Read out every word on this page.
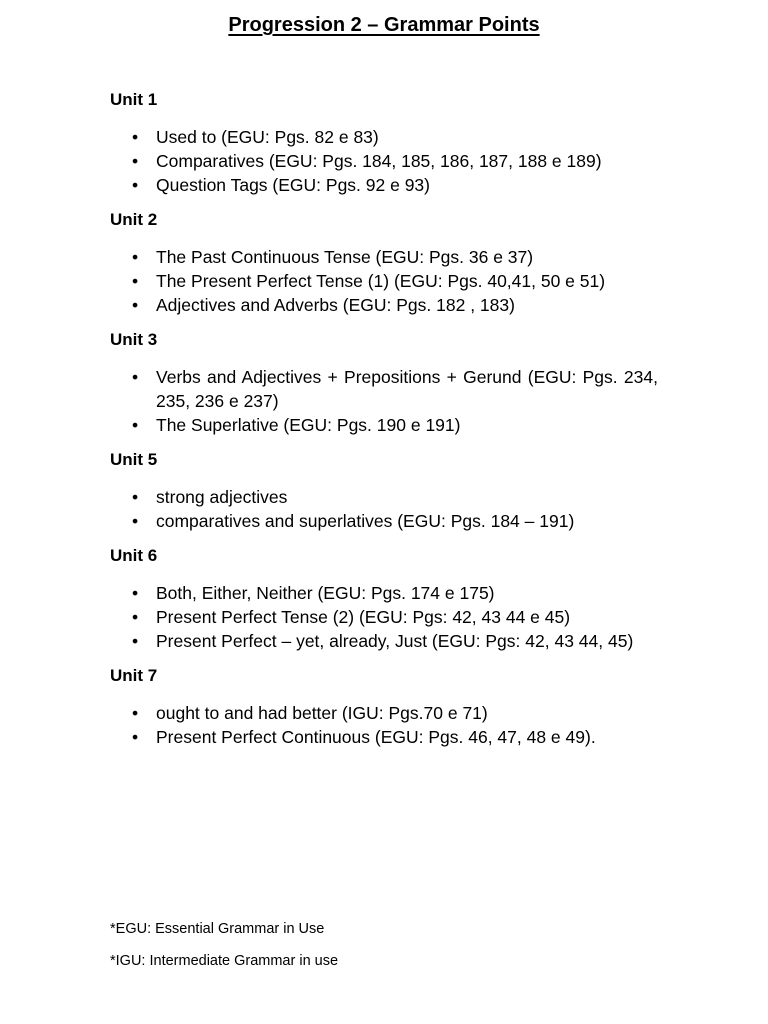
Progression 2 – Grammar Points
Unit 1
• Used to (EGU: Pgs. 82 e 83)
• Comparatives (EGU: Pgs. 184, 185, 186, 187, 188 e 189)
• Question Tags (EGU: Pgs. 92 e 93)
Unit 2
• The Past Continuous Tense (EGU: Pgs. 36 e 37)
• The Present Perfect Tense (1) (EGU: Pgs. 40,41, 50 e 51)
• Adjectives and Adverbs (EGU: Pgs. 182 , 183)
Unit 3
• Verbs and Adjectives + Prepositions + Gerund (EGU: Pgs. 234, 235, 236 e 237)
• The Superlative (EGU: Pgs. 190 e 191)
Unit 5
• strong adjectives
• comparatives and superlatives (EGU: Pgs. 184 – 191)
Unit 6
• Both, Either, Neither (EGU: Pgs. 174 e 175)
• Present Perfect Tense (2) (EGU: Pgs: 42, 43 44 e 45)
• Present Perfect – yet, already, Just (EGU: Pgs: 42, 43 44, 45)
Unit 7
• ought to and had better (IGU: Pgs.70 e 71)
• Present Perfect Continuous (EGU: Pgs. 46, 47, 48 e 49).
*EGU: Essential Grammar in Use
*IGU: Intermediate Grammar in use
